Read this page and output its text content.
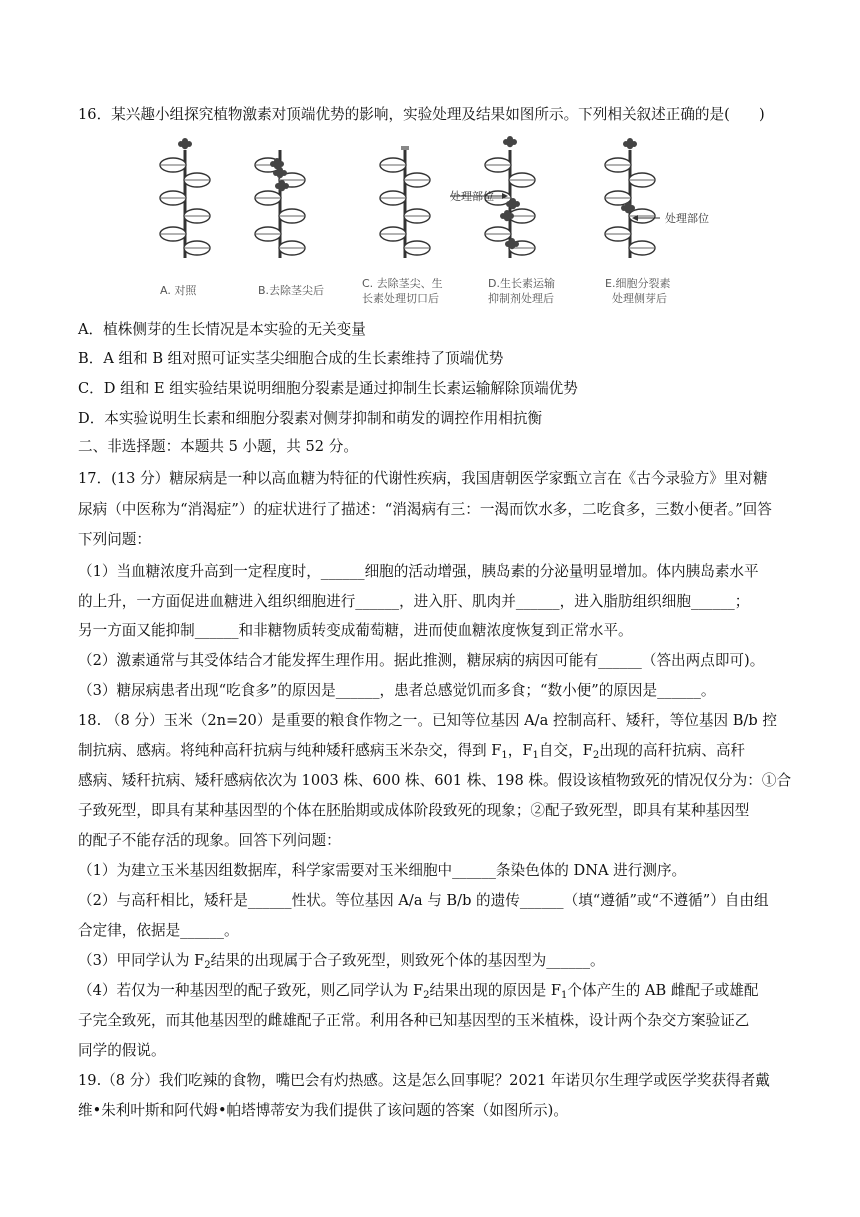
16．某兴趣小组探究植物激素对顶端优势的影响，实验处理及结果如图所示。下列相关叙述正确的是(　　)
处理部位
处理部位
A. 对照	B.去除茎尖后
C. 去除茎尖、生
长素处理切口后
D.生长素运输
抑制剂处理后
E.细胞分裂素
处理侧芽后
A．植株侧芽的生长情况是本实验的无关变量
B．A 组和 B 组对照可证实茎尖细胞合成的生长素维持了顶端优势
C．D 组和 E 组实验结果说明细胞分裂素是通过抑制生长素运输解除顶端优势
D．本实验说明生长素和细胞分裂素对侧芽抑制和萌发的调控作用相抗衡
二、非选择题：本题共 5 小题，共 52 分。
17．(13 分）糖尿病是一种以高血糖为特征的代谢性疾病，我国唐朝医学家甄立言在《古今录验方》里对糖
尿病（中医称为“消渴症”）的症状进行了描述：“消渴病有三：一渴而饮水多，二吃食多，三数小便者。”回答
下列问题：
（1）当血糖浓度升高到一定程度时，______细胞的活动增强，胰岛素的分泌量明显增加。体内胰岛素水平
的上升，一方面促进血糖进入组织细胞进行______，进入肝、肌肉并______，进入脂肪组织细胞______；
另一方面又能抑制______和非糖物质转变成葡萄糖，进而使血糖浓度恢复到正常水平。
（2）激素通常与其受体结合才能发挥生理作用。据此推测，糖尿病的病因可能有______（答出两点即可)。
（3）糖尿病患者出现“吃食多”的原因是______，患者总感觉饥而多食；“数小便”的原因是______。
18. （8 分）玉米（2n=20）是重要的粮食作物之一。已知等位基因 A/a 控制高秆、矮秆，等位基因 B/b 控
制抗病、感病。将纯种高秆抗病与纯种矮秆感病玉米杂交，得到 $F_1$，$F_1$自交，$F_2$出现的高秆抗病、高秆
感病、矮秆抗病、矮秆感病依次为 1003 株、600 株、601 株、198 株。假设该植物致死的情况仅分为：①合
子致死型，即具有某种基因型的个体在胚胎期或成体阶段致死的现象；②配子致死型，即具有某种基因型
的配子不能存活的现象。回答下列问题：
（1）为建立玉米基因组数据库，科学家需要对玉米细胞中______条染色体的 DNA 进行测序。
（2）与高秆相比，矮秆是______性状。等位基因 A/a 与 B/b 的遗传______（填“遵循”或“不遵循”）自由组
合定律，依据是______。
（3）甲同学认为 $F_2$结果的出现属于合子致死型，则致死个体的基因型为______。
（4）若仅为一种基因型的配子致死，则乙同学认为 $F_2$结果出现的原因是 $F_1$个体产生的 AB 雌配子或雄配
子完全致死，而其他基因型的雌雄配子正常。利用各种已知基因型的玉米植株，设计两个杂交方案验证乙
同学的假说。
19.（8 分）我们吃辣的食物，嘴巴会有灼热感。这是怎么回事呢？2021 年诺贝尔生理学或医学奖获得者戴
维•朱利叶斯和阿代姆•帕塔博蒂安为我们提供了该问题的答案（如图所示)。
